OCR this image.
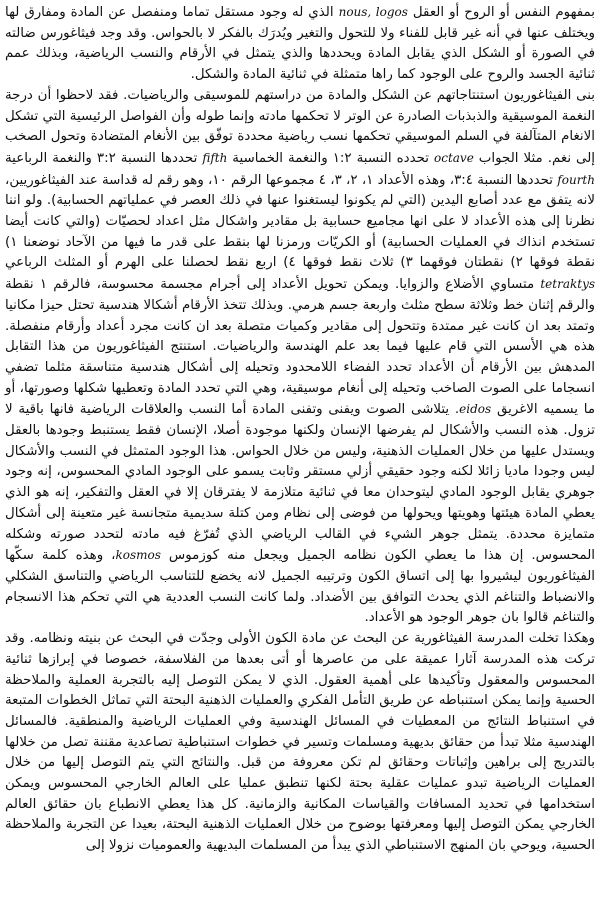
بمفهوم النفس أو الروح أو العقل nous, logos الذي له وجود مستقل تماما ومنفصل عن المادة ومفارق لها ويختلف عنها في أنه غير قابل للفناء ولا للتحول والتغير ويُدرَك بالفكر لا بالحواس. وقد وجد فيثاغورس ضالته في الصورة أو الشكل الذي يقابل المادة ويحددها والذي يتمثل في الأرقام والنسب الرياضية، وبذلك عمم ثنائية الجسد والروح على الوجود كما راها متمثلة في ثنائية المادة والشكل.

بنى الفيثاغوريون استنتاجاتهم عن الشكل والمادة من دراستهم للموسيقى والرياضيات. فقد لاحظوا أن درجة النغمة الموسيقية والذبذبات الصادرة عن الوتر لا تحكمها مادته وإنما طوله وأن الفواصل الرئيسية التي تشكل الانغام المتآلفة في السلم الموسيقي تحكمها نسب رياضية محددة توفّق بين الأنغام المتضادة وتحول الصخب إلى نغم. مثلا الجواب octave تحدده النسبة ١:٢ والنغمة الخماسية fifth تحددها النسبة ٣:٢ والنغمة الرباعية fourth تحددها النسبة ٣:٤، وهذه الأعداد ١، ٢، ٣، ٤ مجموعها الرقم ١٠، وهو رقم له قداسة عند الفيثاغوريين، لانه يتفق مع عدد أصابع اليدين (التي لم يكونوا ليستغنوا عنها في ذلك العصر في عملياتهم الحسابية). ولو اننا نظرنا إلى هذه الأعداد لا على انها مجاميع حسابية بل مقادير واشكال مثل اعداد لحصيّات (والتي كانت أيضا تستخدم انذاك في العمليات الحسابية) أو الكريّات ورمزنا لها بنقط على قدر ما فيها من الآحاد نوضعنا ١) نقطة فوقها ٢) نقطتان فوقهما ٣) ثلاث نقط فوقها ٤) اربع نقط لحصلنا على الهرم أو المثلث الرباعي tetraktys متساوي الأضلاع والزوايا. ويمكن تحويل الأعداد إلى أجرام مجسمة محسوسة، فالرقم ١ نقطة والرقم إثنان خط وثلاثة سطح مثلث واربعة جسم هرمي. وبذلك تتخذ الأرقام أشكالا هندسية تحتل حيزا مكانيا وتمتد بعد ان كانت غير ممتدة وتتحول إلى مقادير وكميات متصلة بعد ان كانت مجرد أعداد وأرقام منفصلة. هذه هي الأسس التي قام عليها فيما بعد علم الهندسة والرياضيات. استنتج الفيثاغوريون من هذا التقابل المدهش بين الأرقام أن الأعداد تحدد الفضاء اللامحدود وتحيله إلى أشكال هندسية متناسقة مثلما تضفي انسجاما على الصوت الصاخب وتحيله إلى أنغام موسيقية، وهي التي تحدد المادة وتعطيها شكلها وصورتها، أو ما يسميه الاغريق eidos. يتلاشى الصوت ويفنى وتفنى المادة أما النسب والعلاقات الرياضية فانها باقية لا تزول. هذه النسب والأشكال لم يفرضها الإنسان ولكنها موجودة أصلا، الإنسان فقط يستنبط وجودها بالعقل ويستدل عليها من خلال العمليات الذهنية، وليس من خلال الحواس. هذا الوجود المتمثل في النسب والأشكال ليس وجودا ماديا زائلا لكنه وجود حقيقي أزلي مستقر وثابت يسمو على الوجود المادي المحسوس، إنه وجود جوهري يقابل الوجود المادي ليتوحدان معا في ثنائية متلازمة لا يفترقان إلا في العقل والتفكير، إنه هو الذي يعطي المادة هيئتها وهويتها ويحولها من فوضى إلى نظام ومن كتلة سديمية متجانسة غير متعينة إلى أشكال متمايزة محددة. يتمثل جوهر الشيء في القالب الرياضي الذي تُفرّغ فيه مادته لتحدد صورته وشكله المحسوس. إن هذا ما يعطي الكون نظامه الجميل ويجعل منه كوزموس kosmos، وهذه كلمة سكّها الفيثاغوريون ليشيروا بها إلى اتساق الكون وترتيبه الجميل لانه يخضع للتناسب الرياضي والتناسق الشكلي والانضباط والتناغم الذي يحدث التوافق بين الأضداد. ولما كانت النسب العددية هي التي تحكم هذا الانسجام والتناغم قالوا بان جوهر الوجود هو الأعداد.

وهكذا تخلت المدرسة الفيثاغورية عن البحث عن مادة الكون الأولى وجدّت في البحث عن بنيته ونظامه. وقد تركت هذه المدرسة آثارا عميقة على من عاصرها أو أتى بعدها من الفلاسفة، خصوصا في إبرازها ثنائية المحسوس والمعقول وتأكيدها على أهمية العقول. الذي لا يمكن التوصل إليه بالتجربة العملية والملاحظة الحسية وإنما يمكن استنباطه عن طريق التأمل الفكري والعمليات الذهنية البحتة التي تماثل الخطوات المتبعة في استنباط النتائج من المعطيات في المسائل الهندسية وفي العمليات الرياضية والمنطقية. فالمسائل الهندسية مثلا تبدأ من حقائق بديهية ومسلمات وتسير في خطوات استنباطية تصاعدية مقننة تصل من خلالها بالتدريج إلى براهين وإثباتات وحقائق لم تكن معروفة من قبل. والنتائج التي يتم التوصل إليها من خلال العمليات الرياضية تبدو عمليات عقلية بحتة لكنها تنطبق عمليا على العالم الخارجي المحسوس ويمكن استخدامها في تحديد المسافات والقياسات المكانية والزمانية. كل هذا يعطي الانطباع بان حقائق العالم الخارجي يمكن التوصل إليها ومعرفتها بوضوح من خلال العمليات الذهنية البحتة، بعيدا عن التجربة والملاحظة الحسية، ويوحي بان المنهج الاستنباطي الذي يبدأ من المسلمات البديهية والعموميات نزولا إلى
